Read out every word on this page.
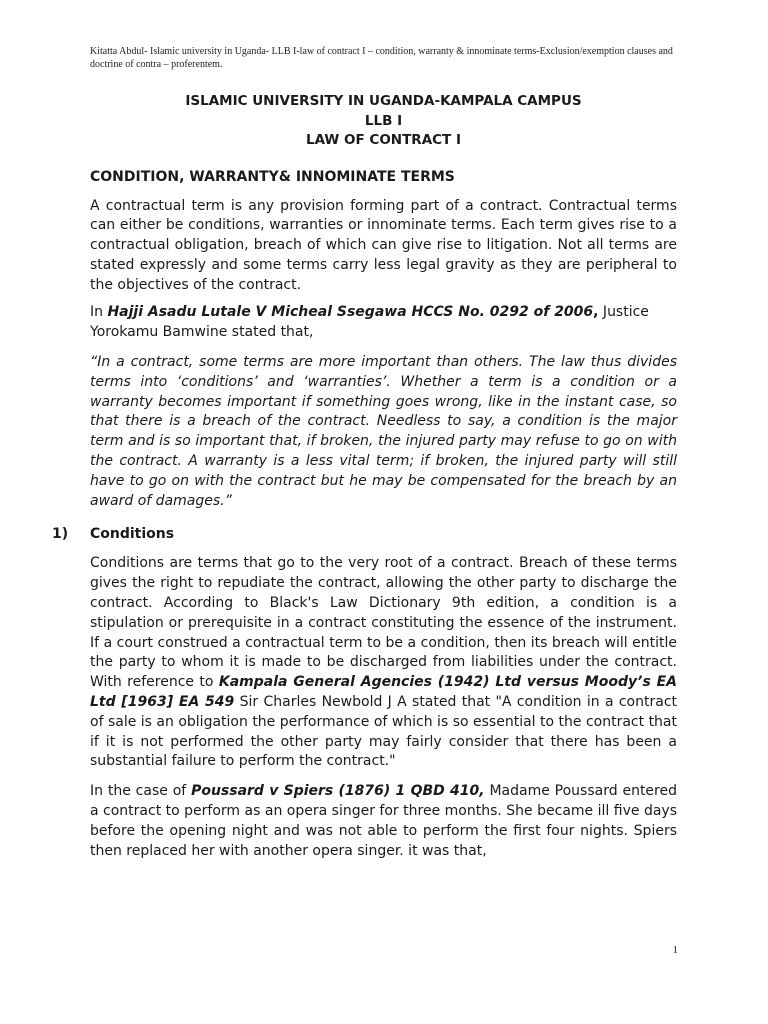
Kitatta Abdul- Islamic university in Uganda- LLB I-law of contract I – condition, warranty & innominate terms-Exclusion/exemption clauses and doctrine of contra – proferentem.
ISLAMIC UNIVERSITY IN UGANDA-KAMPALA CAMPUS
LLB I
LAW OF CONTRACT I
CONDITION, WARRANTY& INNOMINATE TERMS

A contractual term is any provision forming part of a contract. Contractual terms can either be conditions, warranties or innominate terms. Each term gives rise to a contractual obligation, breach of which can give rise to litigation. Not all terms are stated expressly and some terms carry less legal gravity as they are peripheral to the objectives of the contract.

In Hajji Asadu Lutale V Micheal Ssegawa HCCS No. 0292 of 2006, Justice Yorokamu Bamwine stated that,

“In a contract, some terms are more important than others. The law thus divides terms into ‘conditions’ and ‘warranties’. Whether a term is a condition or a warranty becomes important if something goes wrong, like in the instant case, so that there is a breach of the contract. Needless to say, a condition is the major term and is so important that, if broken, the injured party may refuse to go on with the contract. A warranty is a less vital term; if broken, the injured party will still have to go on with the contract but he may be compensated for the breach by an award of damages.”

1) Conditions

Conditions are terms that go to the very root of a contract. Breach of these terms gives the right to repudiate the contract, allowing the other party to discharge the contract. According to Black's Law Dictionary 9th edition, a condition is a stipulation or prerequisite in a contract constituting the essence of the instrument. If a court construed a contractual term to be a condition, then its breach will entitle the party to whom it is made to be discharged from liabilities under the contract. With reference to Kampala General Agencies (1942) Ltd versus Moody’s EA Ltd [1963] EA 549 Sir Charles Newbold J A stated that "A condition in a contract of sale is an obligation the performance of which is so essential to the contract that if it is not performed the other party may fairly consider that there has been a substantial failure to perform the contract."

In the case of Poussard v Spiers (1876) 1 QBD 410, Madame Poussard entered a contract to perform as an opera singer for three months. She became ill five days before the opening night and was not able to perform the first four nights. Spiers then replaced her with another opera singer. it was that,

1
